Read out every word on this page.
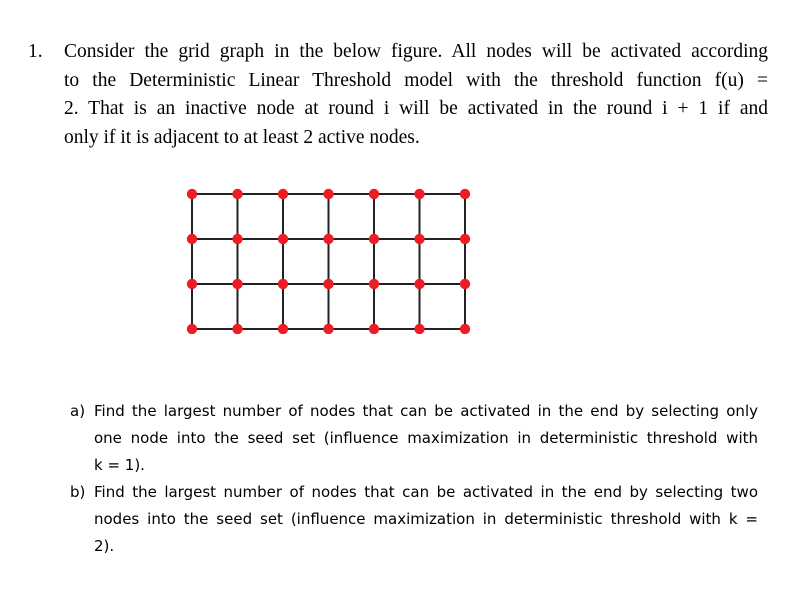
1.	Consider the grid graph in the below figure. All nodes will be activated according
to the Deterministic Linear Threshold model with the threshold function f(u) =
2. That is an inactive node at round i will be activated in the round i + 1 if and
only if it is adjacent to at least 2 active nodes.
a) Find the largest number of nodes that can be activated in the end by selecting only
one node into the seed set (influence maximization in deterministic threshold with
k = 1).
b) Find the largest number of nodes that can be activated in the end by selecting two
nodes into the seed set (influence maximization in deterministic threshold with k =
2).
